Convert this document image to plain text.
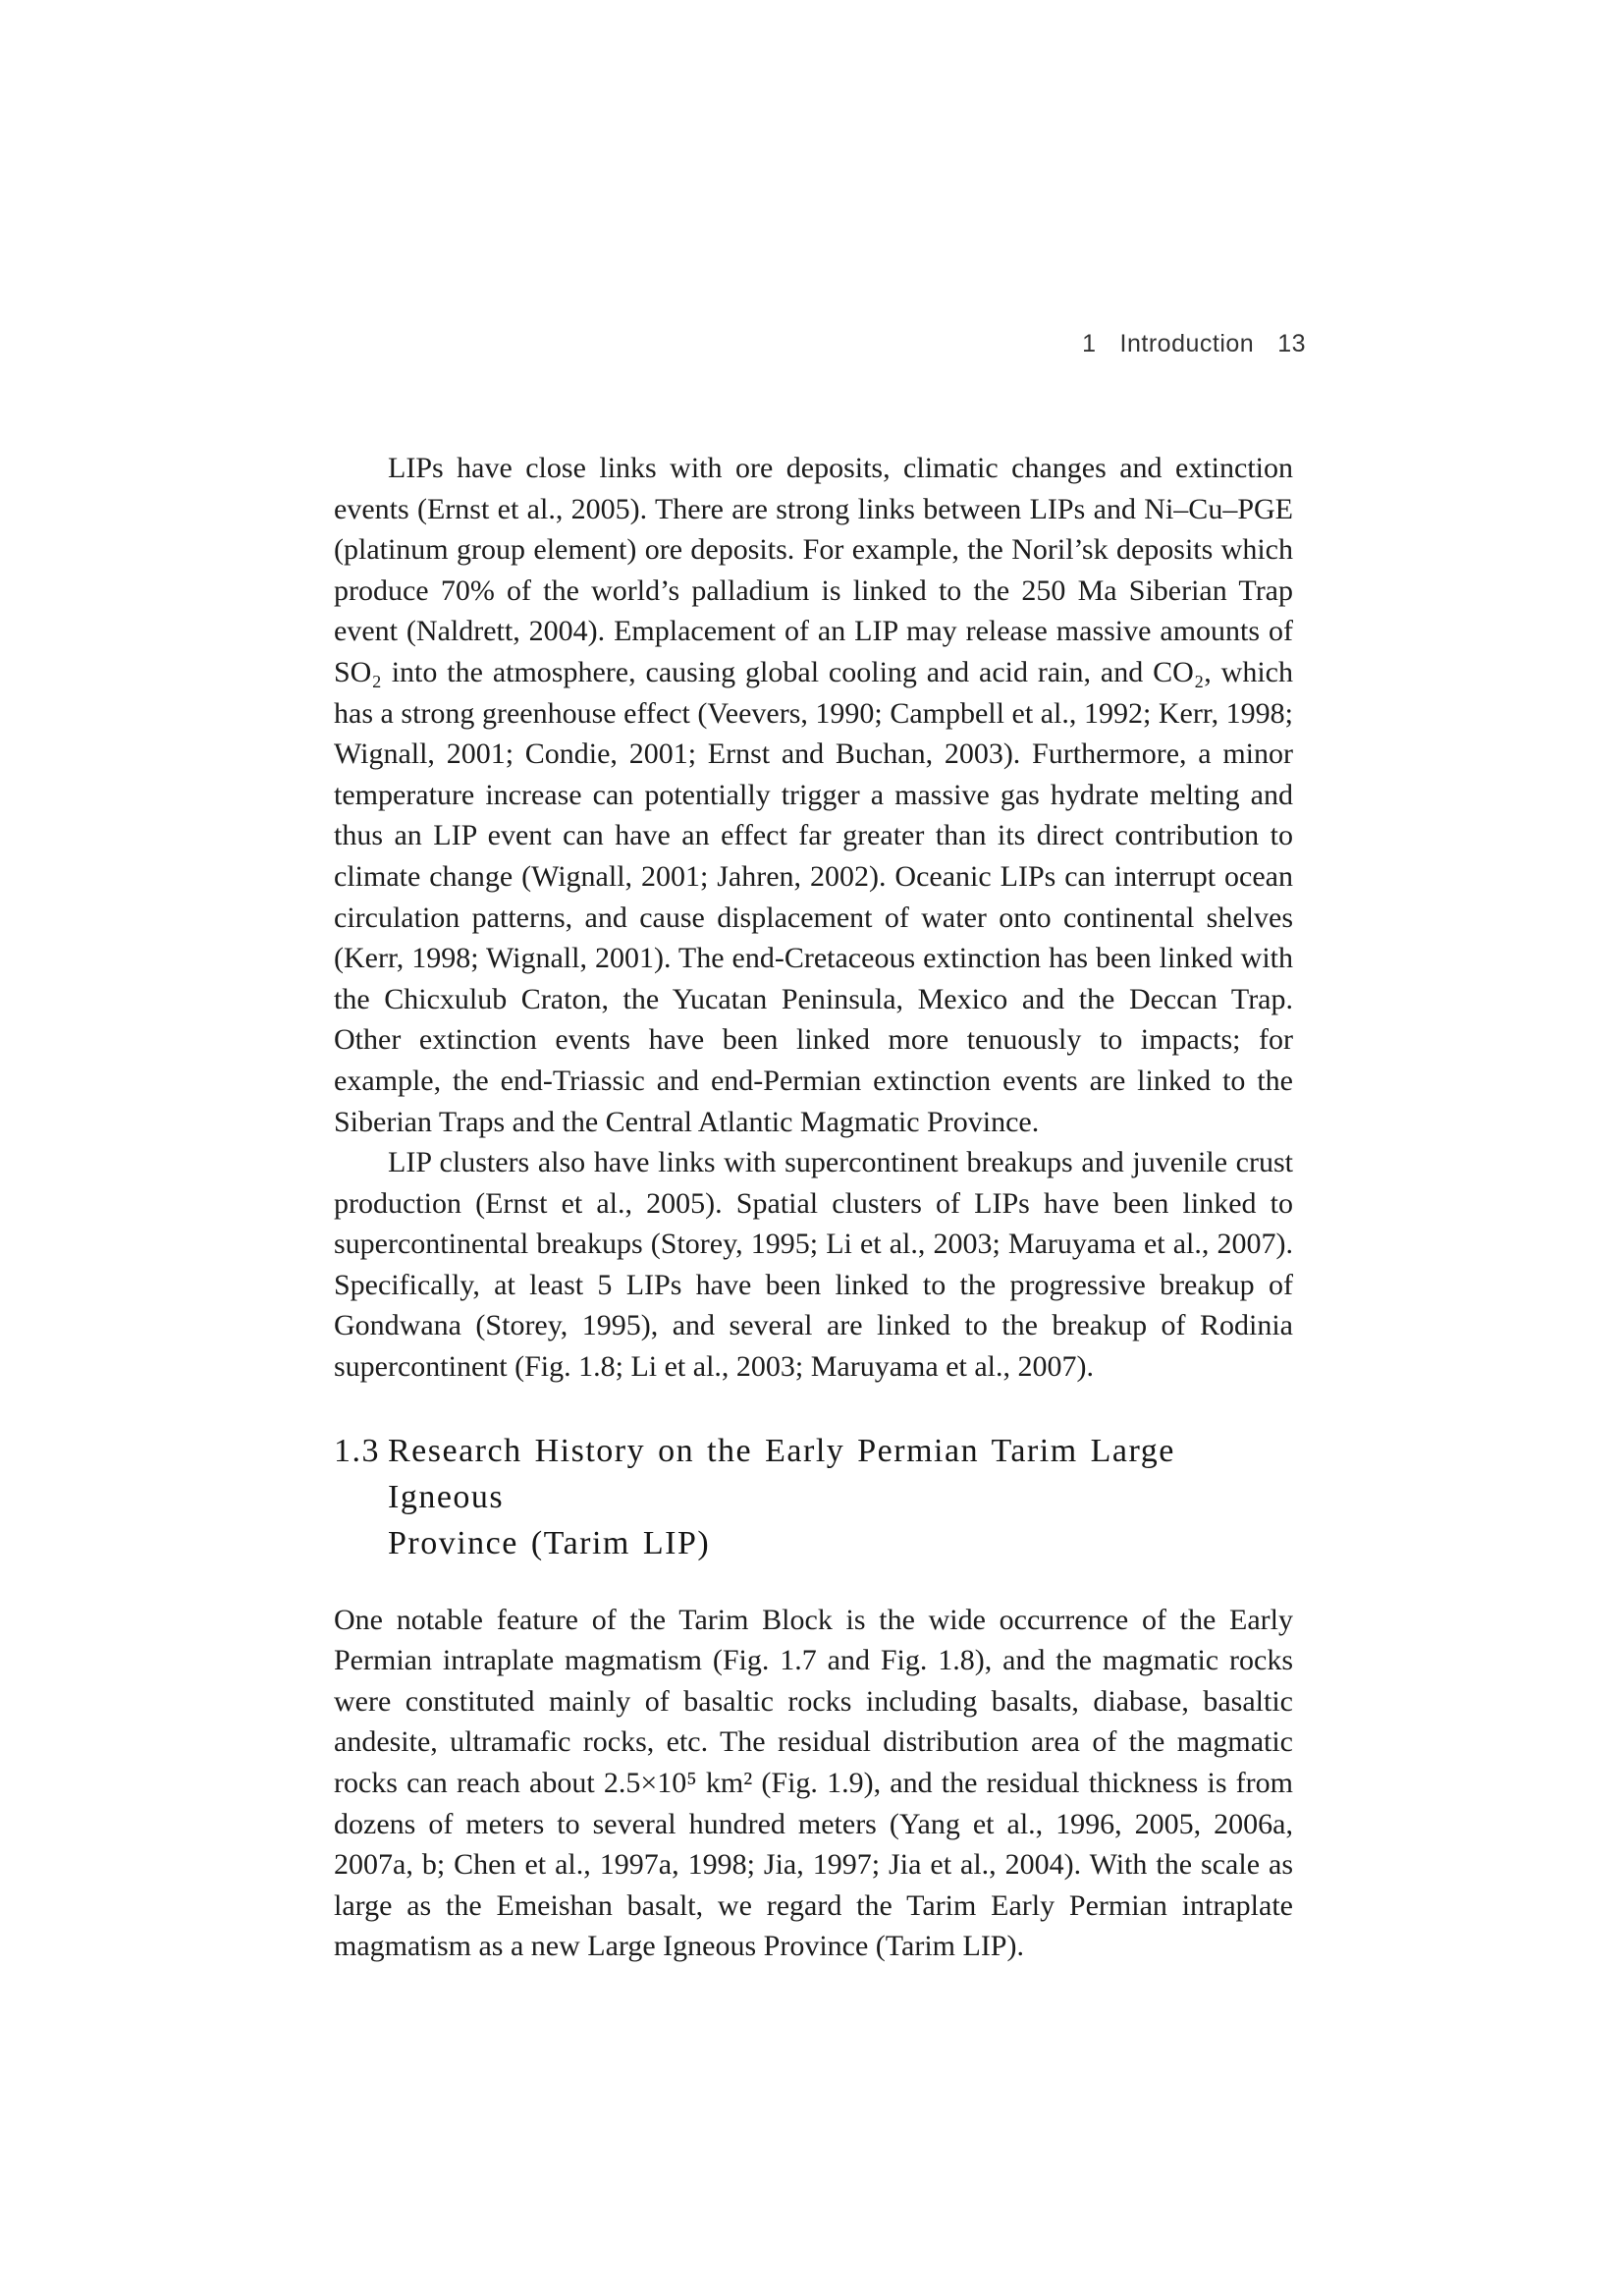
1 Introduction 13

LIPs have close links with ore deposits, climatic changes and extinction events (Ernst et al., 2005). There are strong links between LIPs and Ni–Cu–PGE (platinum group element) ore deposits. For example, the Noril’sk deposits which produce 70% of the world’s palladium is linked to the 250 Ma Siberian Trap event (Naldrett, 2004). Emplacement of an LIP may release massive amounts of SO₂ into the atmosphere, causing global cooling and acid rain, and CO₂, which has a strong greenhouse effect (Veevers, 1990; Campbell et al., 1992; Kerr, 1998; Wignall, 2001; Condie, 2001; Ernst and Buchan, 2003). Furthermore, a minor temperature increase can potentially trigger a massive gas hydrate melting and thus an LIP event can have an effect far greater than its direct contribution to climate change (Wignall, 2001; Jahren, 2002). Oceanic LIPs can interrupt ocean circulation patterns, and cause displacement of water onto continental shelves (Kerr, 1998; Wignall, 2001). The end-Cretaceous extinction has been linked with the Chicxulub Craton, the Yucatan Peninsula, Mexico and the Deccan Trap. Other extinction events have been linked more tenuously to impacts; for example, the end-Triassic and end-Permian extinction events are linked to the Siberian Traps and the Central Atlantic Magmatic Province.

LIP clusters also have links with supercontinent breakups and juvenile crust production (Ernst et al., 2005). Spatial clusters of LIPs have been linked to supercontinental breakups (Storey, 1995; Li et al., 2003; Maruyama et al., 2007). Specifically, at least 5 LIPs have been linked to the progressive breakup of Gondwana (Storey, 1995), and several are linked to the breakup of Rodinia supercontinent (Fig. 1.8; Li et al., 2003; Maruyama et al., 2007).

1.3 Research History on the Early Permian Tarim Large Igneous
Province (Tarim LIP)

One notable feature of the Tarim Block is the wide occurrence of the Early Permian intraplate magmatism (Fig. 1.7 and Fig. 1.8), and the magmatic rocks were constituted mainly of basaltic rocks including basalts, diabase, basaltic andesite, ultramafic rocks, etc. The residual distribution area of the magmatic rocks can reach about 2.5×10⁵ km² (Fig. 1.9), and the residual thickness is from dozens of meters to several hundred meters (Yang et al., 1996, 2005, 2006a, 2007a, b; Chen et al., 1997a, 1998; Jia, 1997; Jia et al., 2004). With the scale as large as the Emeishan basalt, we regard the Tarim Early Permian intraplate magmatism as a new Large Igneous Province (Tarim LIP).
